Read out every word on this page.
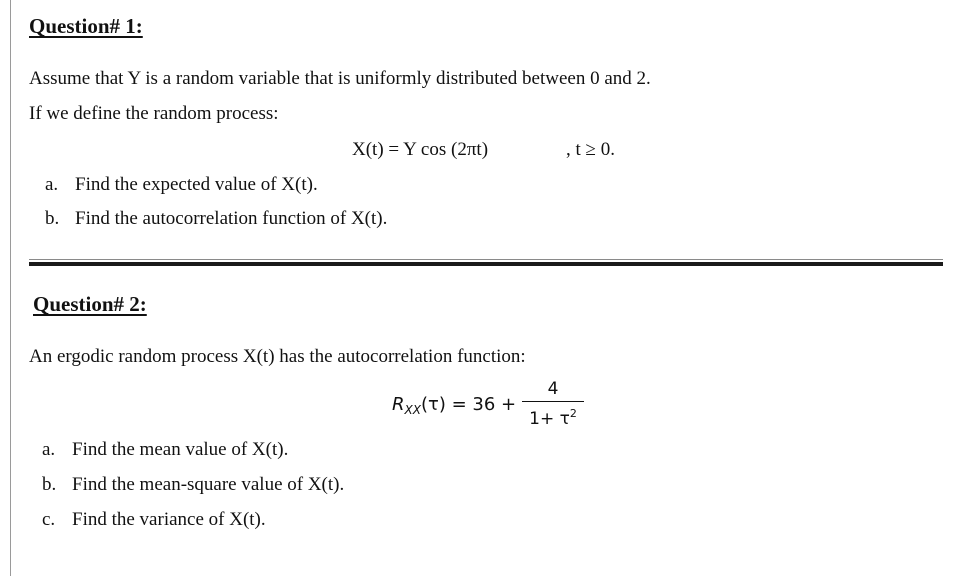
Question# 1:
Assume that Y is a random variable that is uniformly distributed between 0 and 2.
If we define the random process:
X(t) = Y cos (2πt)	, t ≥ 0.
a. Find the expected value of X(t).
b. Find the autocorrelation function of X(t).
Question# 2:
An ergodic random process X(t) has the autocorrelation function:
$R_{XX}(\tau) = 36$ +
4
$1+ \tau^2$
a. Find the mean value of X(t).
b. Find the mean-square value of X(t).
c. Find the variance of X(t).
